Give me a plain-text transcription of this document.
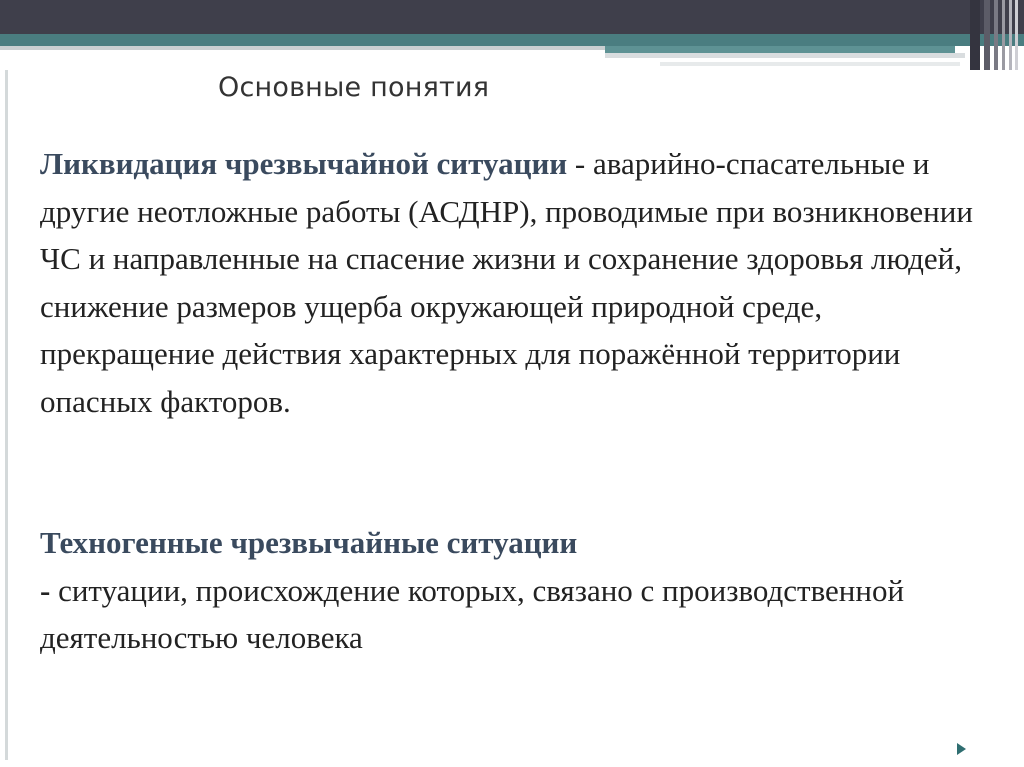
Основные понятия
Ликвидация чрезвычайной ситуации - аварийно-спасательные и другие неотложные работы (АСДНР), проводимые при возникновении ЧС и направленные на спасение жизни и сохранение здоровья людей, снижение размеров ущерба окружающей природной среде, прекращение действия характерных для поражённой территории опасных факторов.
Техногенные чрезвычайные ситуации
- ситуации, происхождение которых, связано с производственной деятельностью человека
